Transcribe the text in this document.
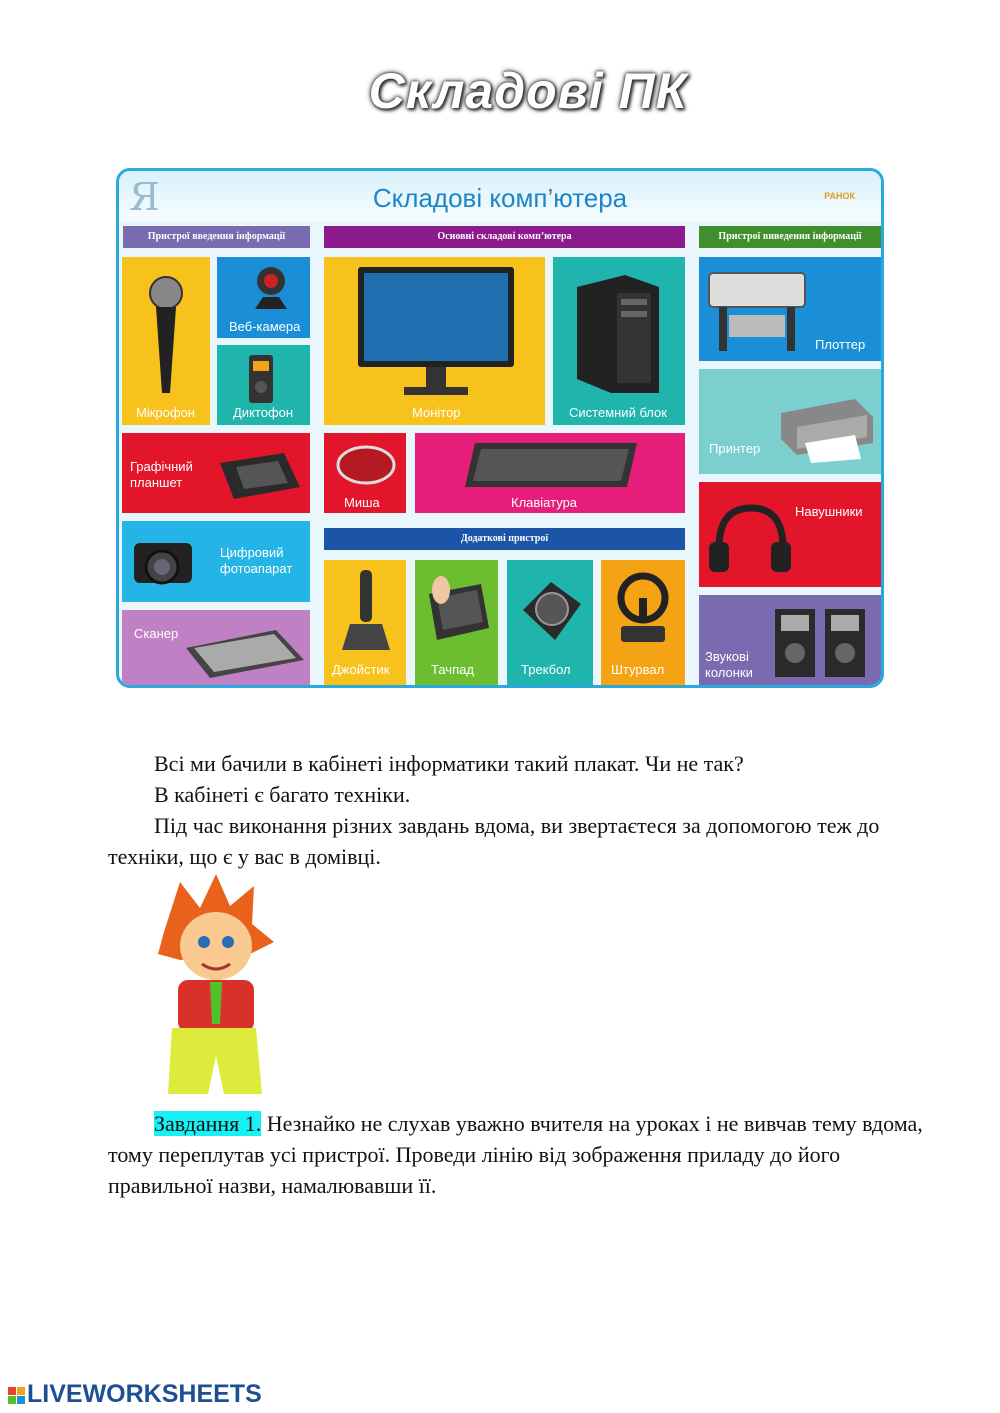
Складові ПК
Я	Складові комп’ютера	РАНОК
Пристрої введення інформації	Основні складові комп’ютера	Пристрої виведення інформації
Додаткові пристрої
Мікрофон
Веб-камера
Диктофон
Графічний планшет
Цифровий фотоапарат
Сканер
Монітор	Системний блок
Миша	Клавіатура
Джойстик	Тачпад	Трекбол	Штурвал
Плоттер
Принтер
Навушники
Звукові колонки

Всі ми бачили в кабінеті інформатики такий плакат. Чи не так?

В кабінеті є багато техніки.

Під час виконання різних завдань вдома, ви звертаєтеся за допомогою теж до техніки, що є у вас в домівці.

Завдання 1. Незнайко не слухав уважно вчителя на уроках і не вивчав тему вдома, тому переплутав усі пристрої. Проведи лінію від зображення приладу до його правильної назви, намалювавши її.

LIVEWORKSHEETS
